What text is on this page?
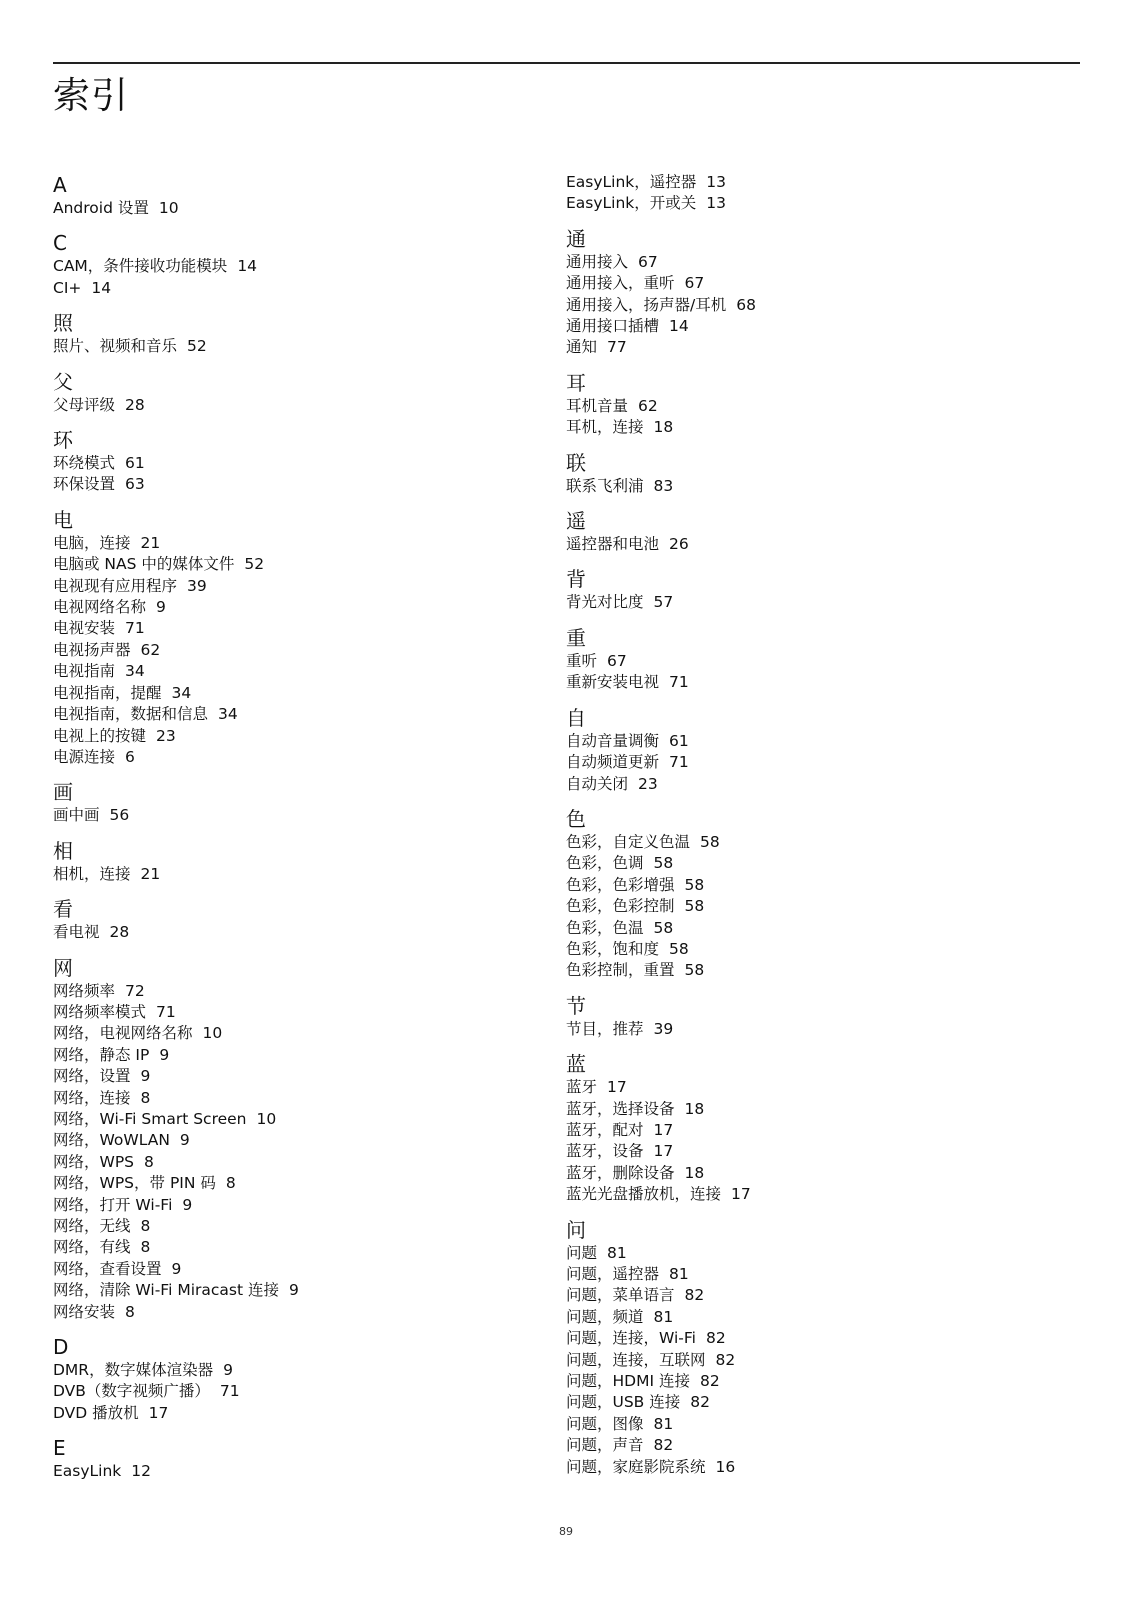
索引
A
Android 设置 10
C
CAM，条件接收功能模块 14
CI+ 14
照
照片、视频和音乐 52
父
父母评级 28
环
环绕模式 61
环保设置 63
电
电脑，连接 21
电脑或 NAS 中的媒体文件 52
电视现有应用程序 39
电视网络名称 9
电视安装 71
电视扬声器 62
电视指南 34
电视指南，提醒 34
电视指南，数据和信息 34
电视上的按键 23
电源连接 6
画
画中画 56
相
相机，连接 21
看
看电视 28
网
网络频率 72
网络频率模式 71
网络，电视网络名称 10
网络，静态 IP 9
网络，设置 9
网络，连接 8
网络，Wi-Fi Smart Screen 10
网络，WoWLAN 9
网络，WPS 8
网络，WPS，带 PIN 码 8
网络，打开 Wi-Fi 9
网络，无线 8
网络，有线 8
网络，查看设置 9
网络，清除 Wi-Fi Miracast 连接 9
网络安装 8
D
DMR，数字媒体渲染器 9
DVB（数字视频广播） 71
DVD 播放机 17
E
EasyLink 12
EasyLink，遥控器 13
EasyLink，开或关 13
通
通用接入 67
通用接入，重听 67
通用接入，扬声器/耳机 68
通用接口插槽 14
通知 77
耳
耳机音量 62
耳机，连接 18
联
联系飞利浦 83
遥
遥控器和电池 26
背
背光对比度 57
重
重听 67
重新安装电视 71
自
自动音量调衡 61
自动频道更新 71
自动关闭 23
色
色彩，自定义色温 58
色彩，色调 58
色彩，色彩增强 58
色彩，色彩控制 58
色彩，色温 58
色彩，饱和度 58
色彩控制，重置 58
节
节目，推荐 39
蓝
蓝牙 17
蓝牙，选择设备 18
蓝牙，配对 17
蓝牙，设备 17
蓝牙，删除设备 18
蓝光光盘播放机，连接 17
问
问题 81
问题，遥控器 81
问题，菜单语言 82
问题，频道 81
问题，连接，Wi-Fi 82
问题，连接，互联网 82
问题，HDMI 连接 82
问题，USB 连接 82
问题，图像 81
问题，声音 82
问题，家庭影院系统 16
89
